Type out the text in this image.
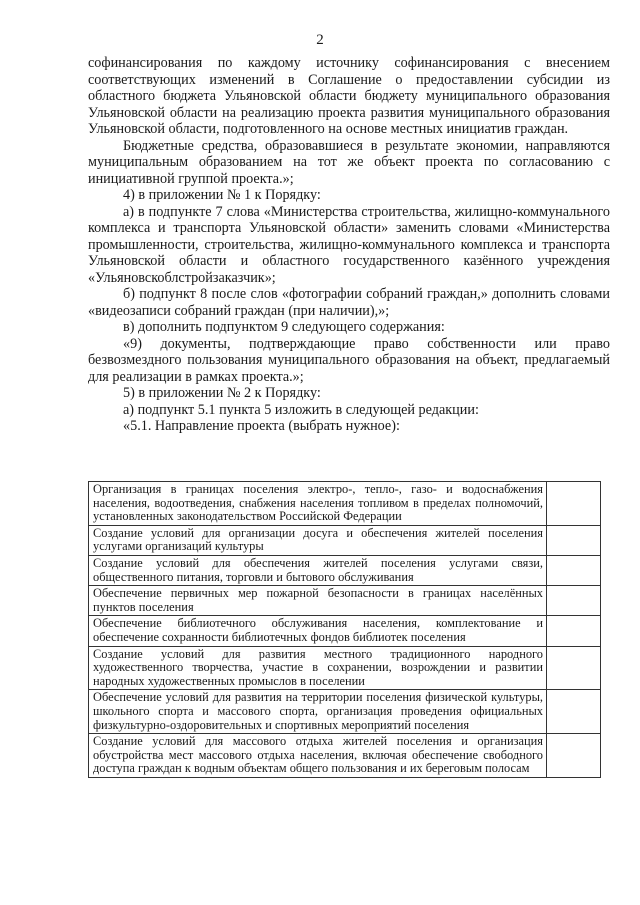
2

софинансирования по каждому источнику софинансирования с внесением соответствующих изменений в Соглашение о предоставлении субсидии из областного бюджета Ульяновской области бюджету муниципального образования Ульяновской области на реализацию проекта развития муниципального образования Ульяновской области, подготовленного на основе местных инициатив граждан.

Бюджетные средства, образовавшиеся в результате экономии, направляются муниципальным образованием на тот же объект проекта по согласованию с инициативной группой проекта.»;

4) в приложении № 1 к Порядку:

а) в подпункте 7 слова «Министерства строительства, жилищно-коммунального комплекса и транспорта Ульяновской области» заменить словами «Министерства промышленности, строительства, жилищно-коммунального комплекса и транспорта Ульяновской области и областного государственного казённого учреждения «Ульяновскоблстройзаказчик»;

б) подпункт 8 после слов «фотографии собраний граждан,» дополнить словами «видеозаписи собраний граждан (при наличии),»;

в) дополнить подпунктом 9 следующего содержания:

«9) документы, подтверждающие право собственности или право безвозмездного пользования муниципального образования на объект, предлагаемый для реализации в рамках проекта.»;

5) в приложении № 2 к Порядку:

а) подпункт 5.1 пункта 5 изложить в следующей редакции:

«5.1. Направление проекта (выбрать нужное):

Организация в границах поселения электро-, тепло-, газо- и водоснабжения населения, водоотведения, снабжения населения топливом в пределах полномочий, установленных законодательством Российской Федерации	
Создание условий для организации досуга и обеспечения жителей поселения услугами организаций культуры	
Создание условий для обеспечения жителей поселения услугами связи, общественного питания, торговли и бытового обслуживания	
Обеспечение первичных мер пожарной безопасности в границах населённых пунктов поселения	
Обеспечение библиотечного обслуживания населения, комплектование и обеспечение сохранности библиотечных фондов библиотек поселения	
Создание условий для развития местного традиционного народного художественного творчества, участие в сохранении, возрождении и развитии народных художественных промыслов в поселении	
Обеспечение условий для развития на территории поселения физической культуры, школьного спорта и массового спорта, организация проведения официальных физкультурно-оздоровительных и спортивных мероприятий поселения	
Создание условий для массового отдыха жителей поселения и организация обустройства мест массового отдыха населения, включая обеспечение свободного доступа граждан к водным объектам общего пользования и их береговым полосам	
